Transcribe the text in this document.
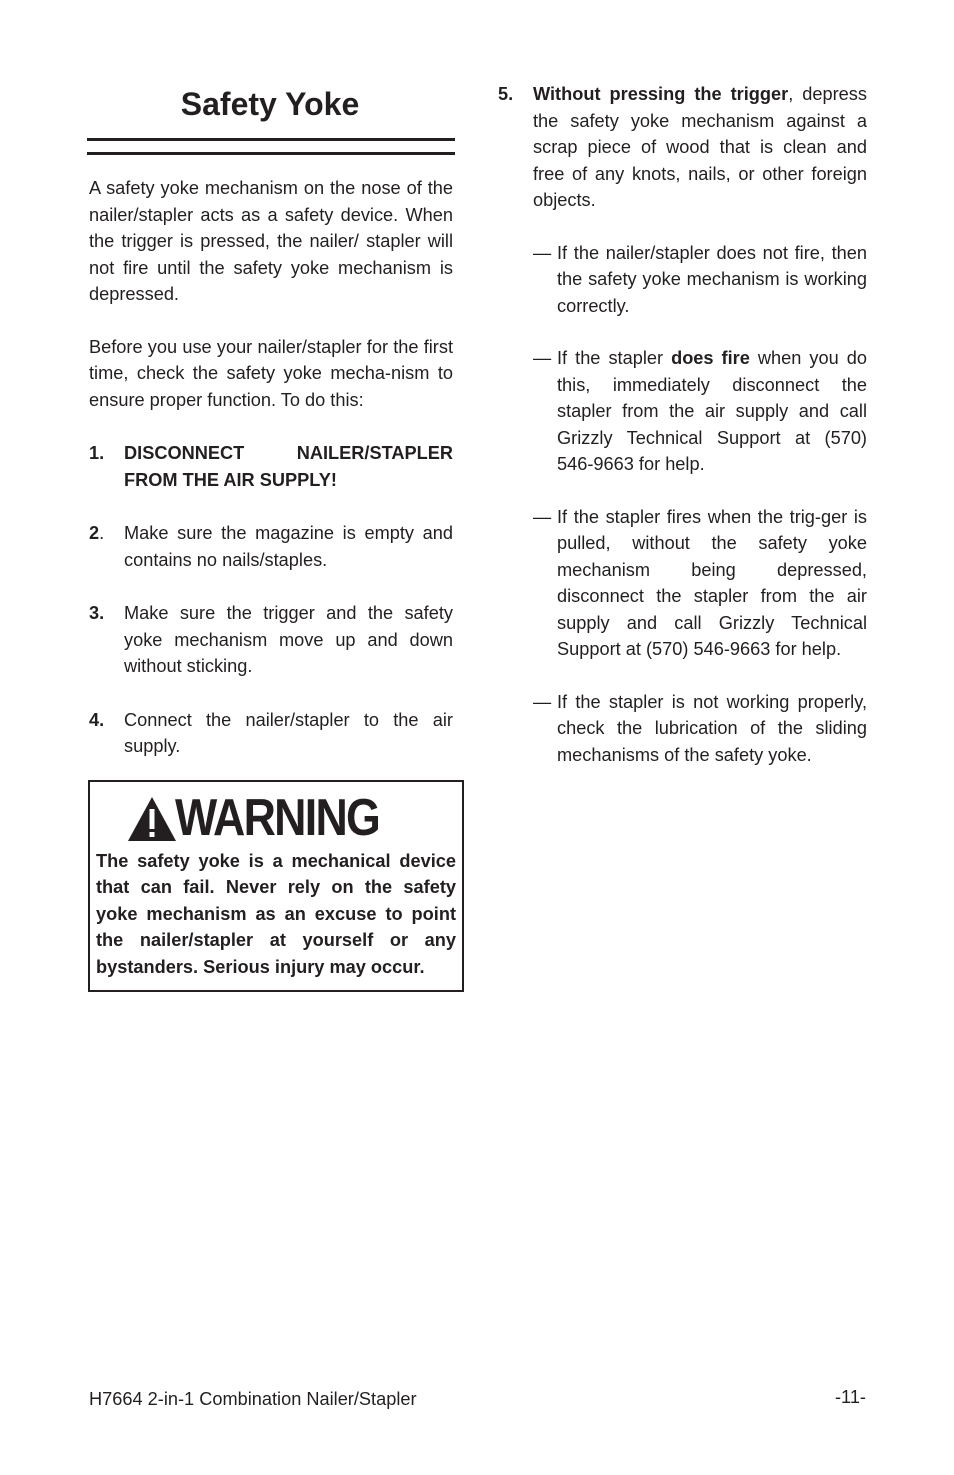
Safety Yoke

A safety yoke mechanism on the nose of the nailer/stapler acts as a safety device. When the trigger is pressed, the nailer/ stapler will not fire until the safety yoke mechanism is depressed.

Before you use your nailer/stapler for the first time, check the safety yoke mecha-nism to ensure proper function. To do this:

1.	DISCONNECT	NAILER/STAPLER
FROM THE AIR SUPPLY!
2.	Make sure the magazine is empty and contains no nails/staples.
3.	Make sure the trigger and the safety yoke mechanism move up and down without sticking.
4.	Connect the nailer/stapler to the air supply.
WARNING

The safety yoke is a mechanical device that can fail. Never rely on the safety yoke mechanism as an excuse to point the nailer/stapler at yourself or any bystanders. Serious injury may occur.

5.	Without pressing the trigger, depress the safety yoke mechanism against a scrap piece of wood that is clean and free of any knots, nails, or other foreign objects.

— If the nailer/stapler does not fire, then the safety yoke mechanism is working correctly.

— If the stapler does fire when you do this, immediately disconnect the stapler from the air supply and call Grizzly Technical Support at (570) 546-9663 for help.

— If the stapler fires when the trig-ger is pulled, without the safety yoke mechanism being depressed, disconnect the stapler from the air supply and call Grizzly Technical Support at (570) 546-9663 for help.

— If the stapler is not working properly, check the lubrication of the sliding mechanisms of the safety yoke.

H7664 2-in-1 Combination Nailer/Stapler	-11-
